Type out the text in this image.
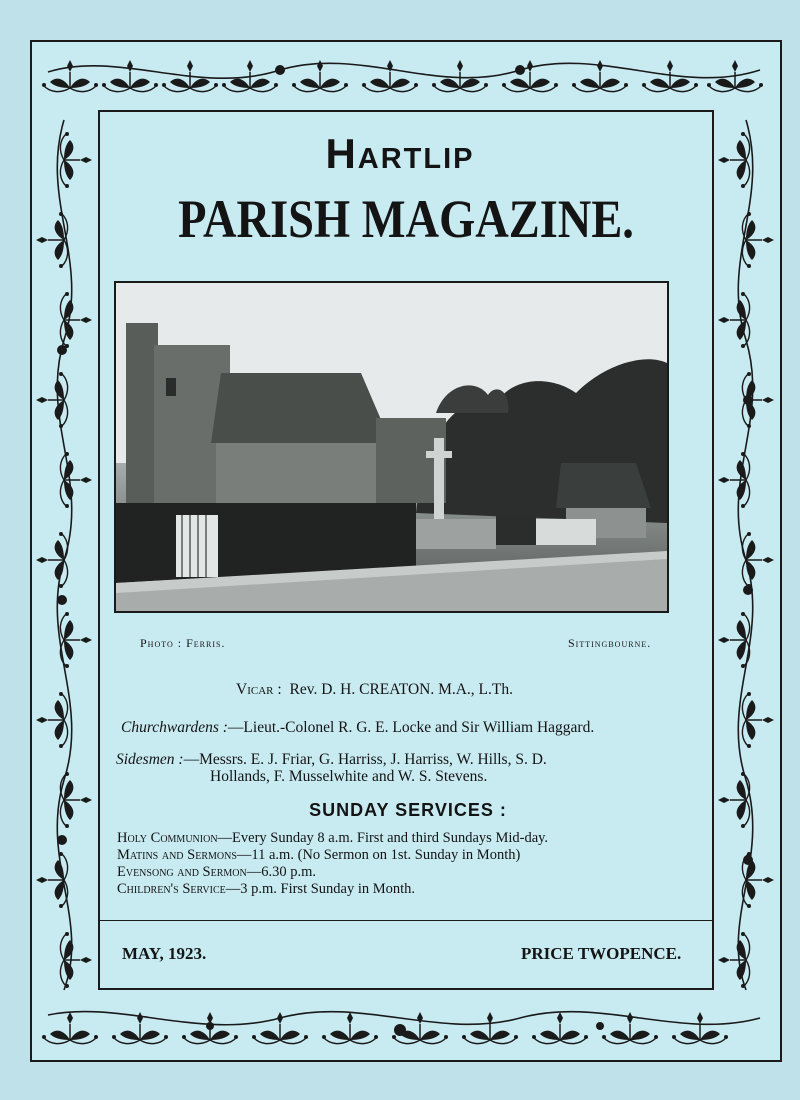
Hartlip
PARISH MAGAZINE.
Photo : Ferris.	Sittingbourne.
Vicar : Rev. D. H. CREATON. M.A., L.Th.
Churchwardens :—Lieut.-Colonel R. G. E. Locke and Sir William Haggard.
Sidesmen :—Messrs. E. J. Friar, G. Harriss, J. Harriss, W. Hills, S. D.
Hollands, F. Musselwhite and W. S. Stevens.
SUNDAY SERVICES :
Holy Communion—Every Sunday 8 a.m. First and third Sundays Mid-day.
Matins and Sermons—11 a.m. (No Sermon on 1st. Sunday in Month)
Evensong and Sermon—6.30 p.m.
Children's Service—3 p.m. First Sunday in Month.
MAY, 1923.	PRICE TWOPENCE.
